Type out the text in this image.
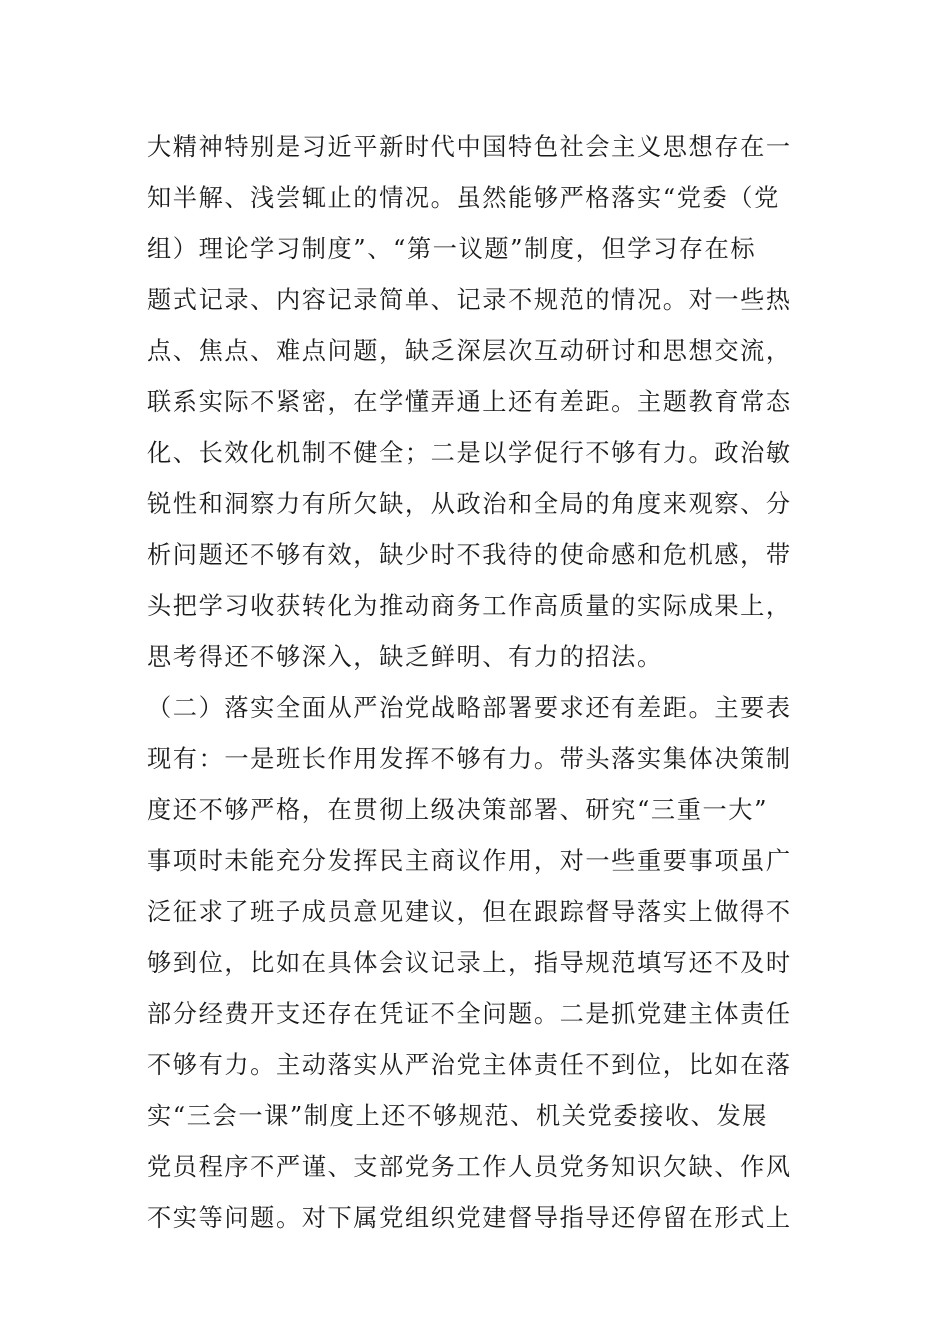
大精神特别是习近平新时代中国特色社会主义思想存在一
知半解、浅尝辄止的情况。虽然能够严格落实“党委（党
组）理论学习制度”、“第一议题”制度，但学习存在标
题式记录、内容记录简单、记录不规范的情况。对一些热
点、焦点、难点问题，缺乏深层次互动研讨和思想交流，
联系实际不紧密，在学懂弄通上还有差距。主题教育常态
化、长效化机制不健全；二是以学促行不够有力。政治敏
锐性和洞察力有所欠缺，从政治和全局的角度来观察、分
析问题还不够有效，缺少时不我待的使命感和危机感，带
头把学习收获转化为推动商务工作高质量的实际成果上，
思考得还不够深入，缺乏鲜明、有力的招法。
（二）落实全面从严治党战略部署要求还有差距。主要表
现有：一是班长作用发挥不够有力。带头落实集体决策制
度还不够严格，在贯彻上级决策部署、研究“三重一大”
事项时未能充分发挥民主商议作用，对一些重要事项虽广
泛征求了班子成员意见建议，但在跟踪督导落实上做得不
够到位，比如在具体会议记录上，指导规范填写还不及时
部分经费开支还存在凭证不全问题。二是抓党建主体责任
不够有力。主动落实从严治党主体责任不到位，比如在落
实“三会一课”制度上还不够规范、机关党委接收、发展
党员程序不严谨、支部党务工作人员党务知识欠缺、作风
不实等问题。对下属党组织党建督导指导还停留在形式上
